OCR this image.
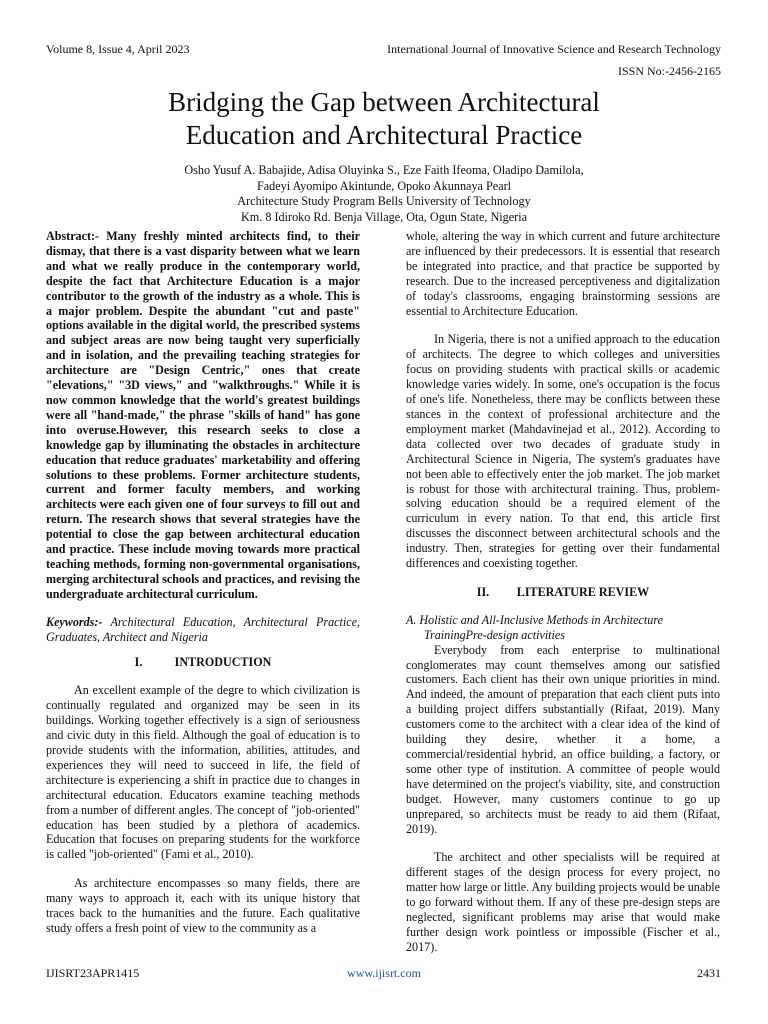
Volume 8, Issue 4, April 2023	International Journal of Innovative Science and Research Technology
ISSN No:-2456-2165
Bridging the Gap between Architectural
Education and Architectural Practice
Osho Yusuf A. Babajide, Adisa Oluyinka S., Eze Faith Ifeoma, Oladipo Damilola,
Fadeyi Ayomipo Akintunde, Opoko Akunnaya Pearl
Architecture Study Program Bells University of Technology
Km. 8 Idiroko Rd. Benja Village, Ota, Ogun State, Nigeria

Abstract:- Many freshly minted architects find, to their dismay, that there is a vast disparity between what we learn and what we really produce in the contemporary world, despite the fact that Architecture Education is a major contributor to the growth of the industry as a whole. This is a major problem. Despite the abundant "cut and paste" options available in the digital world, the prescribed systems and subject areas are now being taught very superficially and in isolation, and the prevailing teaching strategies for architecture are "Design Centric," ones that create "elevations," "3D views," and "walkthroughs." While it is now common knowledge that the world's greatest buildings were all "hand-made," the phrase "skills of hand" has gone into overuse.However, this research seeks to close a knowledge gap by illuminating the obstacles in architecture education that reduce graduates' marketability and offering solutions to these problems. Former architecture students, current and former faculty members, and working architects were each given one of four surveys to fill out and return. The research shows that several strategies have the potential to close the gap between architectural education and practice. These include moving towards more practical teaching methods, forming non-governmental organisations, merging architectural schools and practices, and revising the undergraduate architectural curriculum.

Keywords:- Architectural Education, Architectural Practice, Graduates, Architect and Nigeria

I.	INTRODUCTION

An excellent example of the degre to which civilization is continually regulated and organized may be seen in its buildings. Working together effectively is a sign of seriousness and civic duty in this field. Although the goal of education is to provide students with the information, abilities, attitudes, and experiences they will need to succeed in life, the field of architecture is experiencing a shift in practice due to changes in architectural education. Educators examine teaching methods from a number of different angles. The concept of "job-oriented" education has been studied by a plethora of academics. Education that focuses on preparing students for the workforce is called "job-oriented" (Fami et al., 2010).

As architecture encompasses so many fields, there are many ways to approach it, each with its unique history that traces back to the humanities and the future. Each qualitative study offers a fresh point of view to the community as a

whole, altering the way in which current and future architecture are influenced by their predecessors. It is essential that research be integrated into practice, and that practice be supported by research. Due to the increased perceptiveness and digitalization of today's classrooms, engaging brainstorming sessions are essential to Architecture Education.

In Nigeria, there is not a unified approach to the education of architects. The degree to which colleges and universities focus on providing students with practical skills or academic knowledge varies widely. In some, one's occupation is the focus of one's life. Nonetheless, there may be conflicts between these stances in the context of professional architecture and the employment market (Mahdavinejad et al., 2012). According to data collected over two decades of graduate study in Architectural Science in Nigeria, The system's graduates have not been able to effectively enter the job market. The job market is robust for those with architectural training. Thus, problem-solving education should be a required element of the curriculum in every nation. To that end, this article first discusses the disconnect between architectural schools and the industry. Then, strategies for getting over their fundamental differences and coexisting together.

II.	LITERATURE REVIEW

A. Holistic and All-Inclusive Methods in Architecture

TrainingPre-design activities

Everybody from each enterprise to multinational conglomerates may count themselves among our satisfied customers. Each client has their own unique priorities in mind. And indeed, the amount of preparation that each client puts into a building project differs substantially (Rifaat, 2019). Many customers come to the architect with a clear idea of the kind of building they desire, whether it a home, a commercial/residential hybrid, an office building, a factory, or some other type of institution. A committee of people would have determined on the project's viability, site, and construction budget. However, many customers continue to go up unprepared, so architects must be ready to aid them (Rifaat, 2019).

The architect and other specialists will be required at different stages of the design process for every project, no matter how large or little. Any building projects would be unable to go forward without them. If any of these pre-design steps are neglected, significant problems may arise that would make further design work pointless or impossible (Fischer et al., 2017).

IJISRT23APR1415	www.ijisrt.com	2431
